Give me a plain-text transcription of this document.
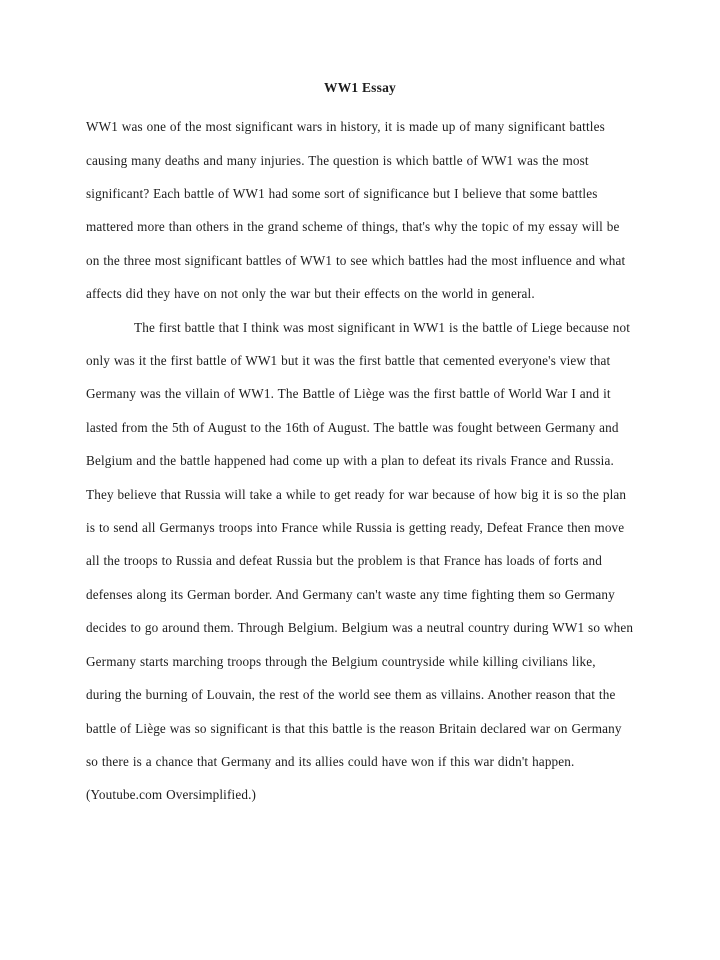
WW1 Essay

WW1 was one of the most significant wars in history, it is made up of many significant battles causing many deaths and many injuries. The question is which battle of WW1 was the most significant? Each battle of WW1 had some sort of significance but I believe that some battles mattered more than others in the grand scheme of things, that's why the topic of my essay will be on the three most significant battles of WW1 to see which battles had the most influence and what affects did they have on not only the war but their effects on the world in general.

The first battle that I think was most significant in WW1 is the battle of Liege because not only was it the first battle of WW1 but it was the first battle that cemented everyone's view that Germany was the villain of WW1. The Battle of Liège was the first battle of World War I and it lasted from the 5th of August to the 16th of August. The battle was fought between Germany and Belgium and the battle happened had come up with a plan to defeat its rivals France and Russia. They believe that Russia will take a while to get ready for war because of how big it is so the plan is to send all Germanys troops into France while Russia is getting ready, Defeat France then move all the troops to Russia and defeat Russia but the problem is that France has loads of forts and defenses along its German border. And Germany can't waste any time fighting them so Germany decides to go around them. Through Belgium. Belgium was a neutral country during WW1 so when Germany starts marching troops through the Belgium countryside while killing civilians like, during the burning of Louvain, the rest of the world see them as villains. Another reason that the battle of Liège was so significant is that this battle is the reason Britain declared war on Germany so there is a chance that Germany and its allies could have won if this war didn't happen. (Youtube.com Oversimplified.)
